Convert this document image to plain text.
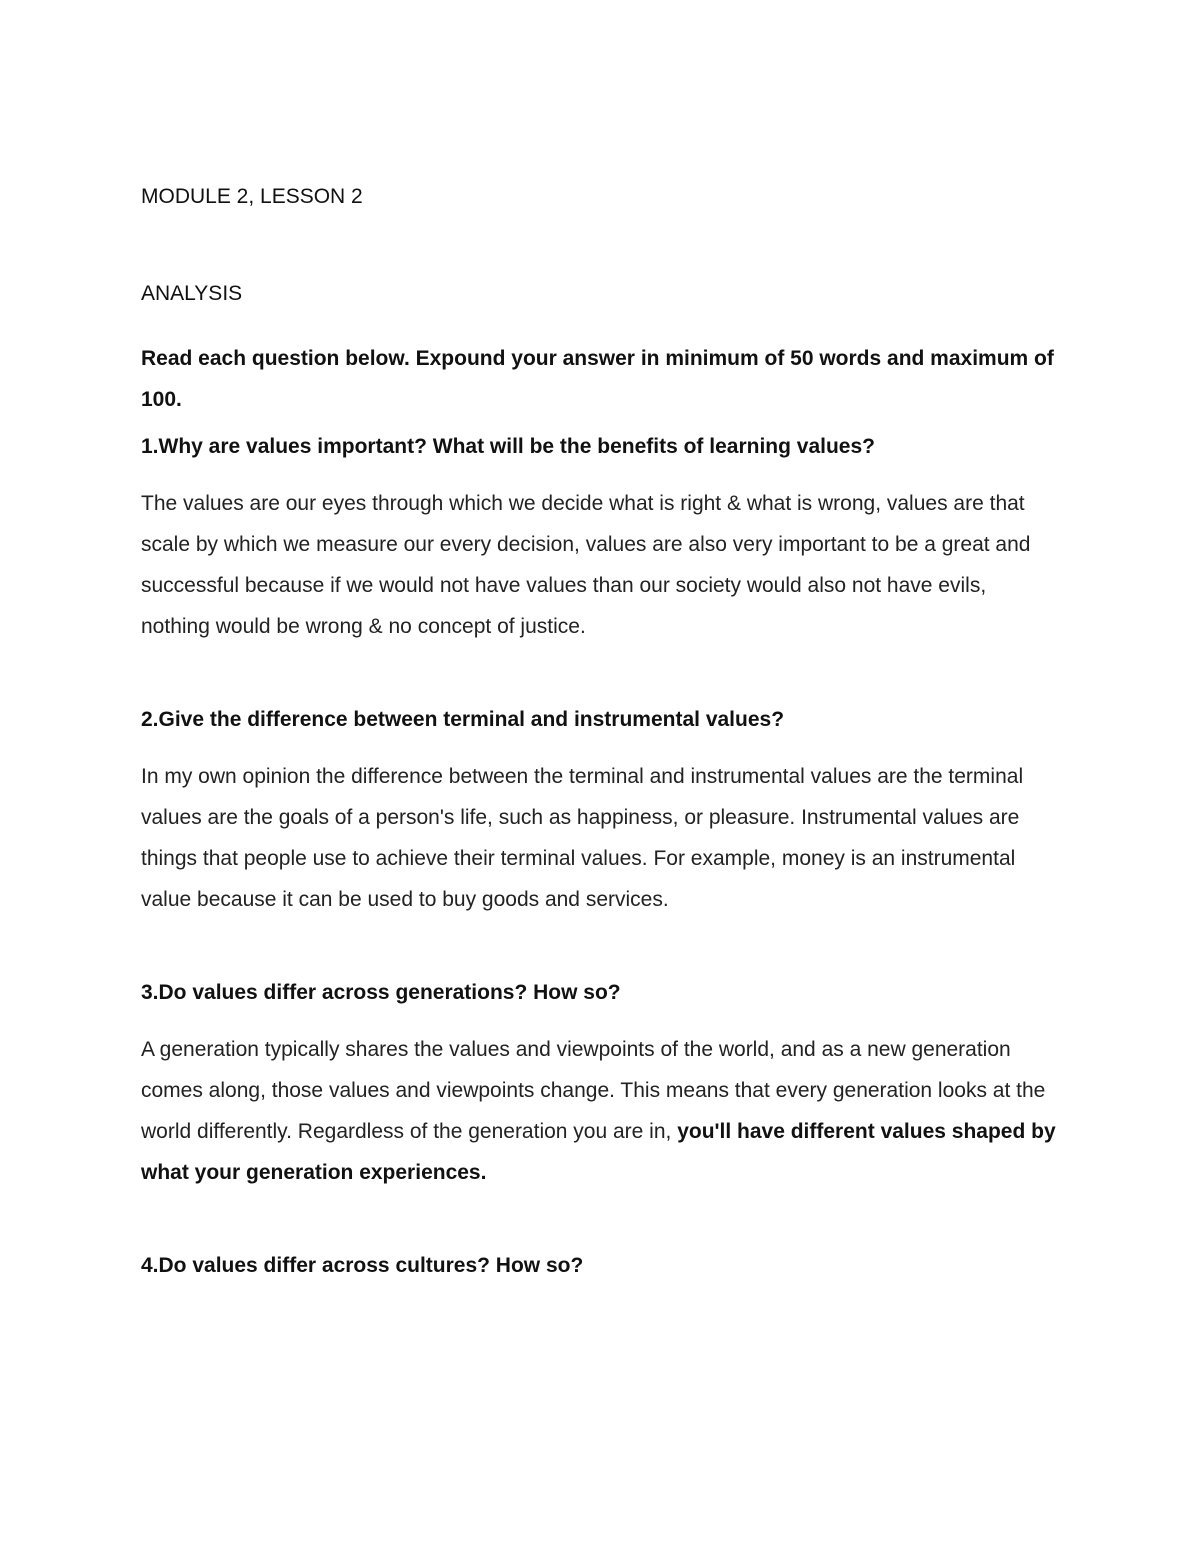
MODULE 2, LESSON 2

ANALYSIS

Read each question below. Expound your answer in minimum of 50 words and maximum of 100.

1.Why are values important? What will be the benefits of learning values?

The values are our eyes through which we decide what is right & what is wrong, values are that scale by which we measure our every decision, values are also very important to be a great and successful because if we would not have values than our society would also not have evils, nothing would be wrong & no concept of justice.

2.Give the difference between terminal and instrumental values?

In my own opinion the difference between the terminal and instrumental values are the terminal values are the goals of a person's life, such as happiness, or pleasure. Instrumental values are things that people use to achieve their terminal values. For example, money is an instrumental value because it can be used to buy goods and services.

3.Do values differ across generations? How so?

A generation typically shares the values and viewpoints of the world, and as a new generation comes along, those values and viewpoints change. This means that every generation looks at the world differently. Regardless of the generation you are in, you'll have different values shaped by what your generation experiences.

4.Do values differ across cultures? How so?
